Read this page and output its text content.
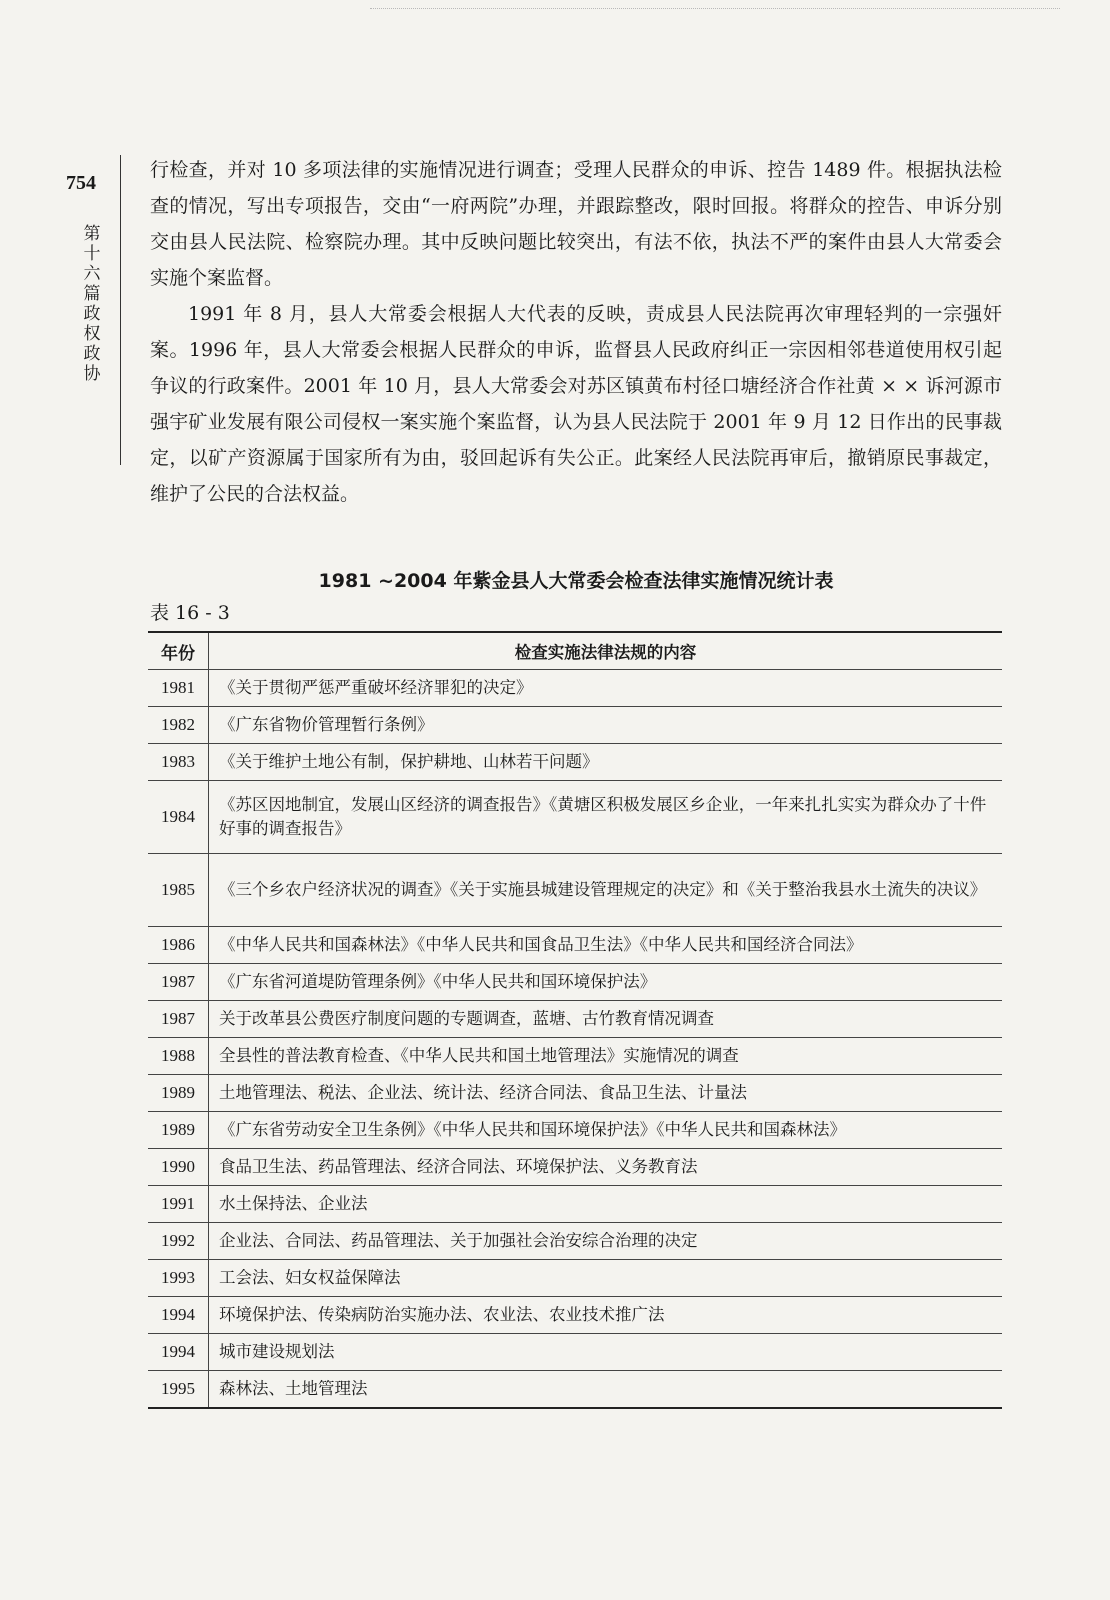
754
第十六篇 政权 政协

行检查，并对 10 多项法律的实施情况进行调查；受理人民群众的申诉、控告 1489 件。根据执法检查的情况，写出专项报告，交由“一府两院”办理，并跟踪整改，限时回报。将群众的控告、申诉分别交由县人民法院、检察院办理。其中反映问题比较突出，有法不依，执法不严的案件由县人大常委会实施个案监督。

1991 年 8 月，县人大常委会根据人大代表的反映，责成县人民法院再次审理轻判的一宗强奸案。1996 年，县人大常委会根据人民群众的申诉，监督县人民政府纠正一宗因相邻巷道使用权引起争议的行政案件。2001 年 10 月，县人大常委会对苏区镇黄布村径口塘经济合作社黄 × × 诉河源市强宇矿业发展有限公司侵权一案实施个案监督，认为县人民法院于 2001 年 9 月 12 日作出的民事裁定，以矿产资源属于国家所有为由，驳回起诉有失公正。此案经人民法院再审后，撤销原民事裁定，维护了公民的合法权益。

1981 ~2004 年紫金县人大常委会检查法律实施情况统计表
表 16 - 3
年份	检查实施法律法规的内容
1981	《关于贯彻严惩严重破坏经济罪犯的决定》
1982	《广东省物价管理暂行条例》
1983	《关于维护土地公有制，保护耕地、山林若干问题》
1984	《苏区因地制宜，发展山区经济的调查报告》《黄塘区积极发展区乡企业，一年来扎扎实实为群众办了十件好事的调查报告》
1985	《三个乡农户经济状况的调查》《关于实施县城建设管理规定的决定》和《关于整治我县水土流失的决议》
1986	《中华人民共和国森林法》《中华人民共和国食品卫生法》《中华人民共和国经济合同法》
1987	《广东省河道堤防管理条例》《中华人民共和国环境保护法》
1987	关于改革县公费医疗制度问题的专题调查，蓝塘、古竹教育情况调查
1988	全县性的普法教育检查、《中华人民共和国土地管理法》实施情况的调查
1989	土地管理法、税法、企业法、统计法、经济合同法、食品卫生法、计量法
1989	《广东省劳动安全卫生条例》《中华人民共和国环境保护法》《中华人民共和国森林法》
1990	食品卫生法、药品管理法、经济合同法、环境保护法、义务教育法
1991	水土保持法、企业法
1992	企业法、合同法、药品管理法、关于加强社会治安综合治理的决定
1993	工会法、妇女权益保障法
1994	环境保护法、传染病防治实施办法、农业法、农业技术推广法
1994	城市建设规划法
1995	森林法、土地管理法
